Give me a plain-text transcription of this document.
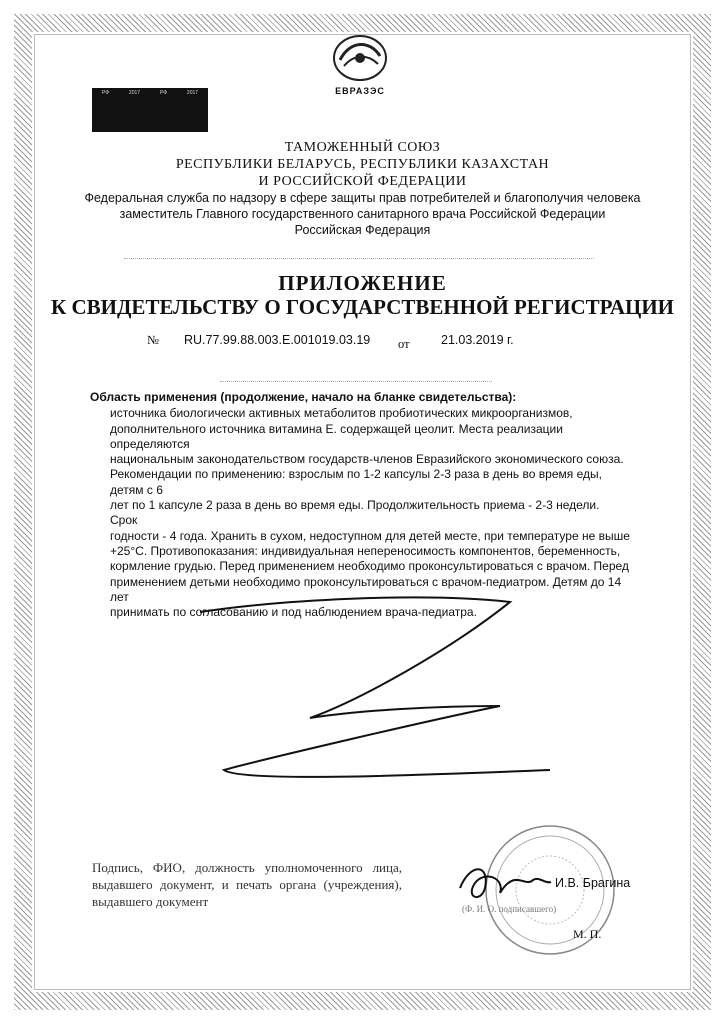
ЕВРАЗЭС
РФ	2017	РФ	2017
ТАМОЖЕННЫЙ СОЮЗ
РЕСПУБЛИКИ БЕЛАРУСЬ, РЕСПУБЛИКИ КАЗАХСТАН
И РОССИЙСКОЙ ФЕДЕРАЦИИ
Федеральная служба по надзору в сфере защиты прав потребителей и благополучия человека
заместитель Главного государственного санитарного врача Российской Федерации
Российская Федерация
ПРИЛОЖЕНИЕ
К СВИДЕТЕЛЬСТВУ О ГОСУДАРСТВЕННОЙ РЕГИСТРАЦИИ
№ RU.77.99.88.003.E.001019.03.19 от	21.03.2019 г.
Область применения (продолжение, начало на бланке свидетельства):
источника биологически активных метаболитов пробиотических микроорганизмов,
дополнительного источника витамина Е. содержащей цеолит. Места реализации определяются
национальным законодательством государств-членов Евразийского экономического союза.
Рекомендации по применению: взрослым по 1-2 капсулы 2-3 раза в день во время еды, детям с 6
лет по 1 капсуле 2 раза в день во время еды. Продолжительность приема - 2-3 недели. Срок
годности - 4 года. Хранить в сухом, недоступном для детей месте, при температуре не выше
+25°С. Противопоказания: индивидуальная непереносимость компонентов, беременность,
кормление грудью. Перед применением необходимо проконсультироваться с врачом. Перед
применением детьми необходимо проконсультироваться с врачом-педиатром. Детям до 14 лет
принимать по согласованию и под наблюдением врача-педиатра.
Подпись, ФИО, должность уполномоченного лица, выдавшего документ, и печать органа (учреждения), выдавшего документ
И.В. Брагина
(Ф. И. О. подписавшего)
М. П.
